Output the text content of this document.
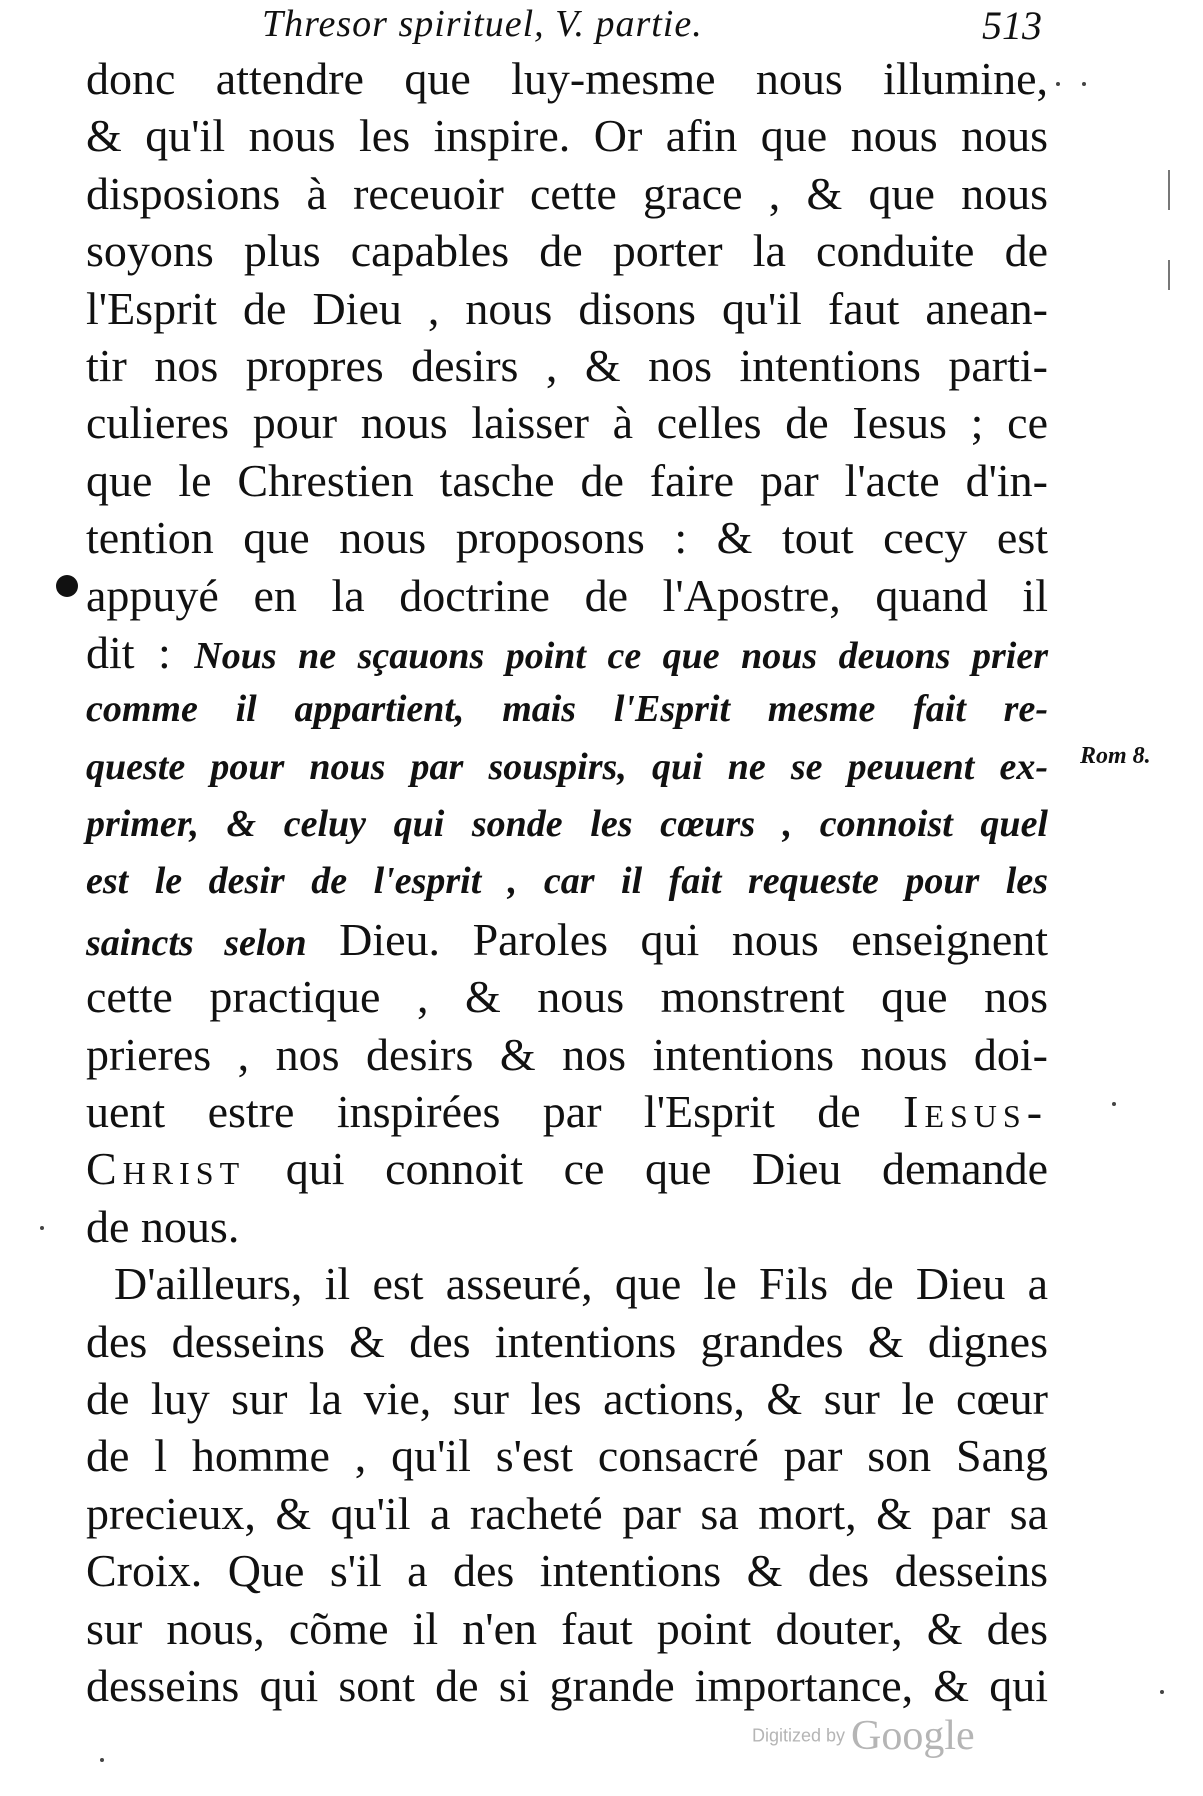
Thresor spirituel, V. partie.	513
donc attendre que luy-mesme nous illumine,
& qu'il nous les inspire. Or afin que nous nous
disposions à receuoir cette grace , & que nous
soyons plus capables de porter la conduite de
l'Esprit de Dieu , nous disons qu'il faut anean-
tir nos propres desirs , & nos intentions parti-
culieres pour nous laisser à celles de Iesus ; ce
que le Chrestien tasche de faire par l'acte d'in-
tention que nous proposons : & tout cecy est
appuyé en la doctrine de l'Apostre, quand il
dit : Nous ne sçauons point ce que nous deuons prier
comme il appartient, mais l'Esprit mesme fait re-
queste pour nous par souspirs, qui ne se peuuent ex-
primer, & celuy qui sonde les cœurs , connoist quel
est le desir de l'esprit , car il fait requeste pour les
saincts selon Dieu. Paroles qui nous enseignent
cette practique , & nous monstrent que nos
prieres , nos desirs & nos intentions nous doi-
uent estre inspirées par l'Esprit de Iesus-
Christ qui connoit ce que Dieu demande
de nous.
D'ailleurs, il est asseuré, que le Fils de Dieu a
des desseins & des intentions grandes & dignes
de luy sur la vie, sur les actions, & sur le cœur
de l homme , qu'il s'est consacré par son Sang
precieux, & qu'il a racheté par sa mort, & par sa
Croix. Que s'il a des intentions & des desseins
sur nous, cõme il n'en faut point douter, & des
desseins qui sont de si grande importance, & qui
Rom 8.
Digitized by Google
